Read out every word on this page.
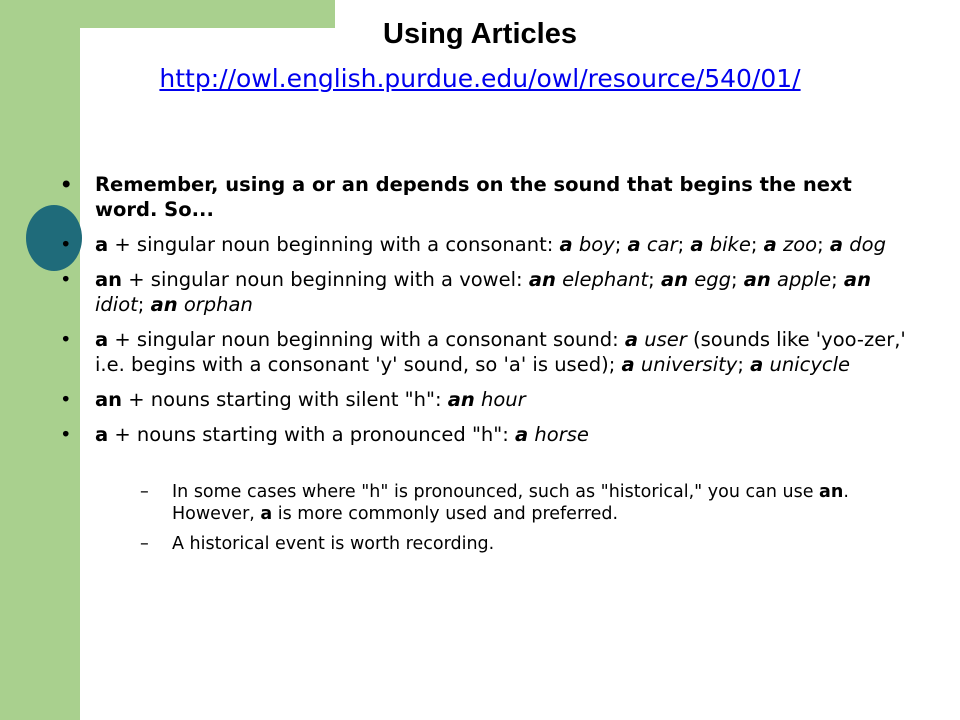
Using Articles
http://owl.english.purdue.edu/owl/resource/540/01/
• Remember, using a or an depends on the sound that begins the next word. So...
• a + singular noun beginning with a consonant: a boy; a car; a bike; a zoo; a dog
• an + singular noun beginning with a vowel: an elephant; an egg; an apple; an idiot; an orphan
• a + singular noun beginning with a consonant sound: a user (sounds like 'yoo-zer,' i.e. begins with a consonant 'y' sound, so 'a' is used); a university; a unicycle
• an + nouns starting with silent "h": an hour
• a + nouns starting with a pronounced "h": a horse
– In some cases where "h" is pronounced, such as "historical," you can use an. However, a is more commonly used and preferred.
– A historical event is worth recording.
